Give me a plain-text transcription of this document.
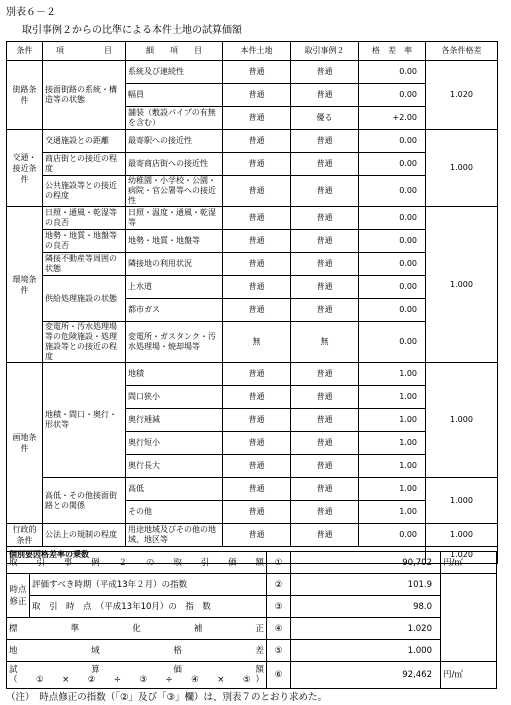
別表６－２
取引事例２からの比準による本件土地の試算価額
条件	項　　　　　目	細　　項　　目	本件土地	取引事例２	格　差　率	各条件格差
街路条件	接面街路の系統・構造等の状態	系統及び連続性	普通	普通	0.00	1.020
		幅員	普通	普通	0.00	
		舗装（敷設パイプの有無を含む）	普通	優る	+2.00	
交通・接近条件	交通施設との距離	最寄駅への接近性	普通	普通	0.00	1.000
	商店街との接近の程度	最寄商店街への接近性	普通	普通	0.00	
	公共施設等との接近の程度	幼稚園・小学校・公園・病院・官公署等への接近性	普通	普通	0.00	
環境条件	日照・通風・乾湿等の良否	日照・温度・通風・乾湿等	普通	普通	0.00	1.000
	地勢・地質・地盤等の良否	地勢・地質・地盤等	普通	普通	0.00	
	隣接不動産等周囲の状態	隣接地の利用状況	普通	普通	0.00	
	供給処理施設の状態	上水道	普通	普通	0.00	
		都市ガス	普通	普通	0.00	
	変電所・汚水処理場等の危険施設・処理施設等との接近の程度	変電所・ガスタンク・汚水処理場・焼却場等	無	無	0.00	
画地条件	地積・間口・奥行・形状等	地積	普通	普通	1.00	1.000
		間口狭小	普通	普通	1.00	
		奥行逓減	普通	普通	1.00	
		奥行短小	普通	普通	1.00	
		奥行長大	普通	普通	1.00	
	高低・その他接面街路との関係	高低	普通	普通	1.00	1.000
		その他	普通	普通	1.00	
行政的条件	公法上の規制の程度	用途地域及びその他の地域、地区等	普通	普通	0.00	1.000
個別要因格差率の乗数						1.020
取　引　事　例　２　の　取　引　価　額		①	90,702	円/㎡
時点修正	評価すべき時期（平成13年２月）の指数	②	101.9	
	取　引　時　点　（平成13年10月）の　指　数	③	98.0	
標　準　化　補　正		④	1.020	
地　域　格　差		⑤	1.000	

試　算　価　額
（　①　×　②　÷　③　÷　④　×　⑤）		⑥	92,462	円/㎡
（注）　時点修正の指数（「②」及び「③」欄）は、別表７のとおり求めた。
